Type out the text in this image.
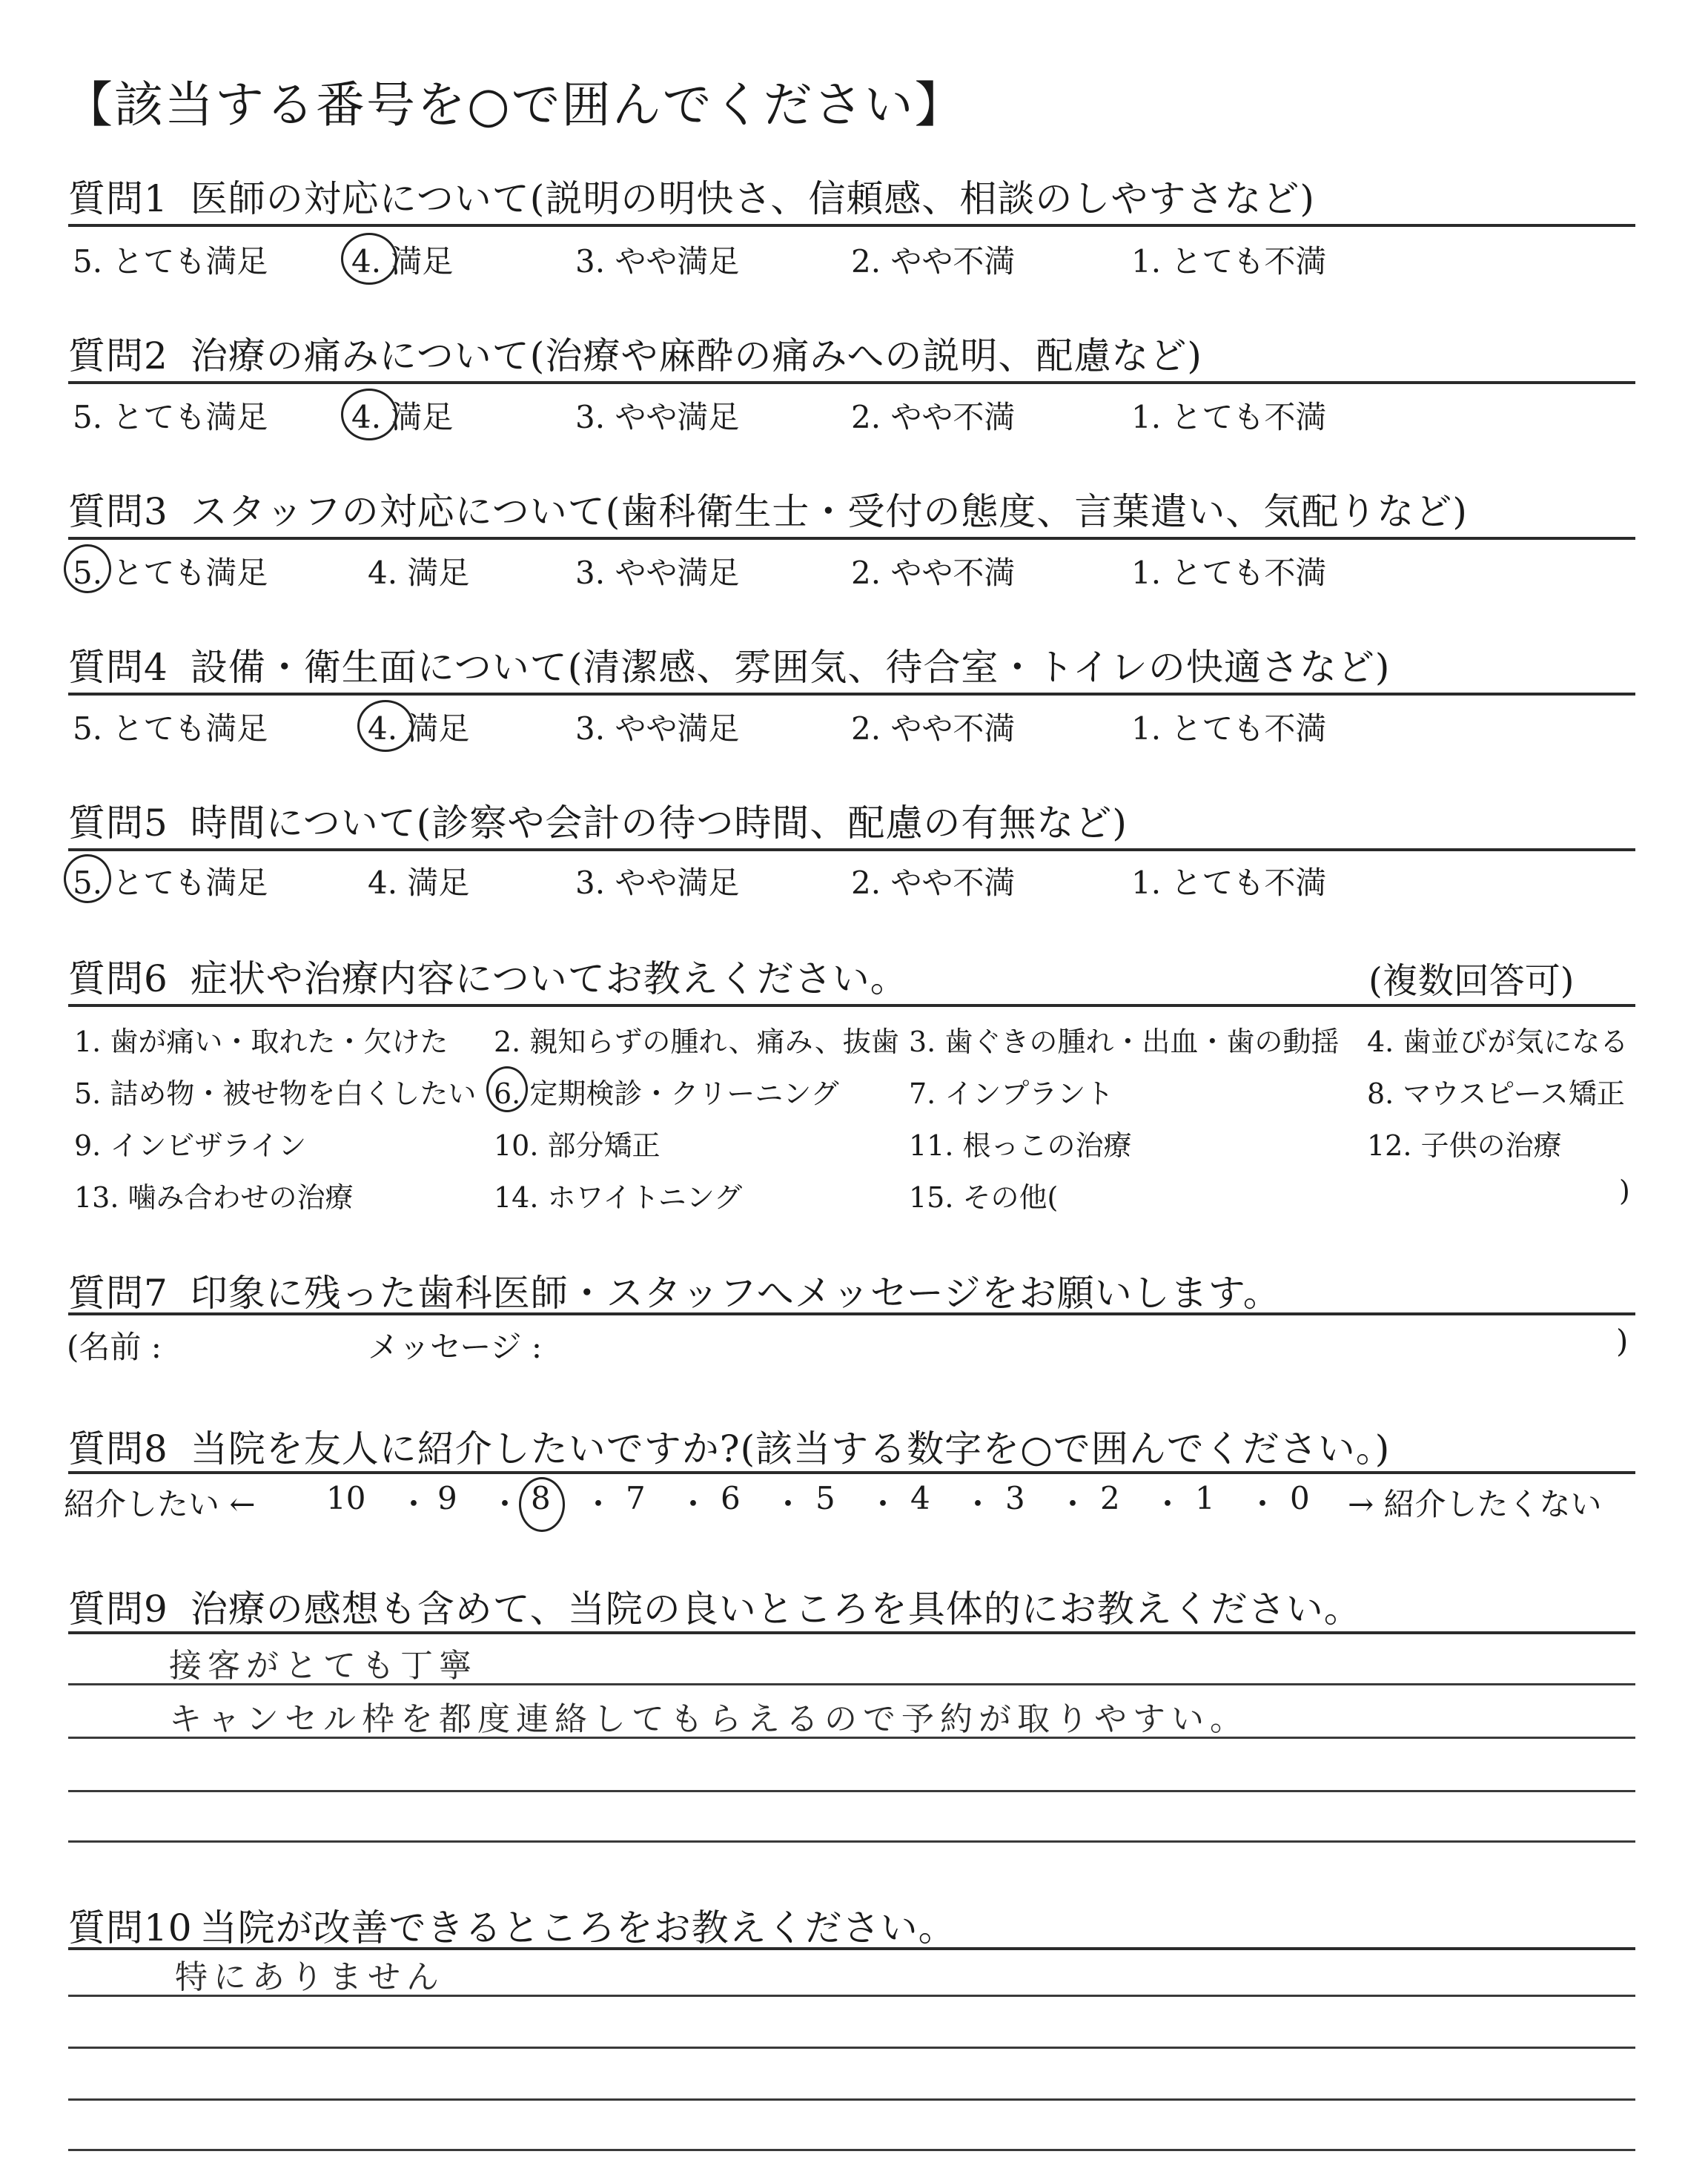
【該当する番号を○で囲んでください】
質問1 医師の対応について(説明の明快さ、信頼感、相談のしやすさなど)
5. とても満足	4. 満足	3. やや満足	2. やや不満	1. とても不満
質問2 治療の痛みについて(治療や麻酔の痛みへの説明、配慮など)
5. とても満足	4. 満足	3. やや満足	2. やや不満	1. とても不満
質問3 スタッフの対応について(歯科衛生士・受付の態度、言葉遣い、気配りなど)
5. とても満足	4. 満足	3. やや満足	2. やや不満	1. とても不満
質問4 設備・衛生面について(清潔感、雰囲気、待合室・トイレの快適さなど)
5. とても満足	4. 満足	3. やや満足	2. やや不満	1. とても不満
質問5 時間について(診察や会計の待つ時間、配慮の有無など)
5. とても満足	4. 満足	3. やや満足	2. やや不満	1. とても不満
質問6 症状や治療内容についてお教えください。	(複数回答可)
1. 歯が痛い・取れた・欠けた 2. 親知らずの腫れ、痛み、抜歯 3. 歯ぐきの腫れ・出血・歯の動揺 4. 歯並びが気になる
5. 詰め物・被せ物を白くしたい 6. 定期検診・クリーニング 7. インプラント	8. マウスピース矯正
9. インビザライン	10. 部分矯正	11. 根っこの治療	12. 子供の治療
13. 噛み合わせの治療	14. ホワイトニング	15. その他(	)
質問7 印象に残った歯科医師・スタッフへメッセージをお願いします。
(名前 :	メッセージ :	)
質問8 当院を友人に紹介したいですか?(該当する数字を○で囲んでください。)
紹介したい ← 10 ・ 9 ・ 8 ・ 7 ・ 6 ・ 5 ・ 4 ・ 3 ・ 2 ・ 1 ・ 0 → 紹介したくない
質問9 治療の感想も含めて、当院の良いところを具体的にお教えください。
接客がとても丁寧
キャンセル枠を都度連絡してもらえるので予約が取りやすい。
質問10 当院が改善できるところをお教えください。
特にありません
